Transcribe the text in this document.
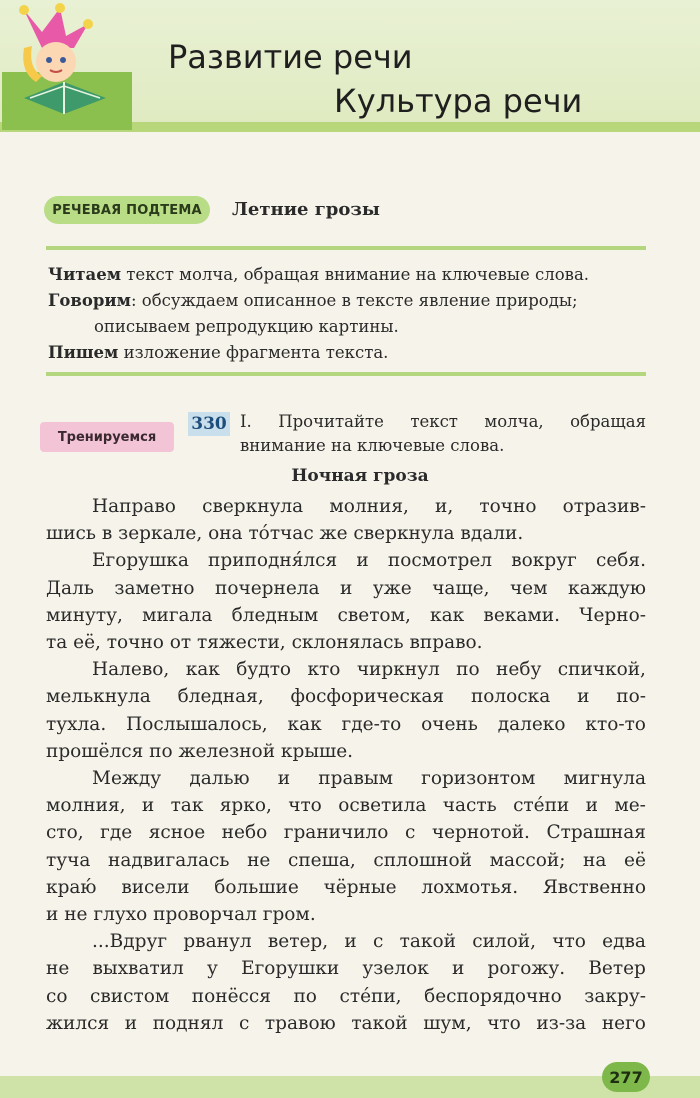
Развитие речи
Культура речи
РЕЧЕВАЯ ПОДТЕМА	Летние грозы
Читаем текст молча, обращая внимание на ключевые слова.
Говорим: обсуждаем описанное в тексте явление природы;
описываем репродукцию картины.
Пишем изложение фрагмента текста.
Тренируемся
330 I. Прочитайте текст молча, обращая
внимание на ключевые слова.
Ночная гроза
Направо сверкнула молния, и, точно отразив-
шись в зеркале, она тóтчас же сверкнула вдали.
Егорушка приподня́лся и посмотрел вокруг себя.
Даль заметно почернела и уже чаще, чем каждую
минуту, мигала бледным светом, как веками. Черно-
та её, точно от тяжести, склонялась вправо.
Налево, как будто кто чиркнул по небу спичкой,
мелькнула бледная, фосфорическая полоска и по-
тухла. Послышалось, как где-то очень далеко кто-то
прошёлся по железной крыше.
Между далью и правым горизонтом мигнула
молния, и так ярко, что осветила часть сте́пи и ме-
сто, где ясное небо граничило с чернотой. Страшная
туча надвигалась не спеша, сплошной массой; на её
краю́ висели большие чёрные лохмотья. Явственно
и не глухо проворчал гром.
...Вдруг рванул ветер, и с такой силой, что едва
не выхватил у Егорушки узелок и рогожу. Ветер
со свистом понёсся по сте́пи, беспорядочно закру-
жился и поднял с травою такой шум, что из-за него
277
